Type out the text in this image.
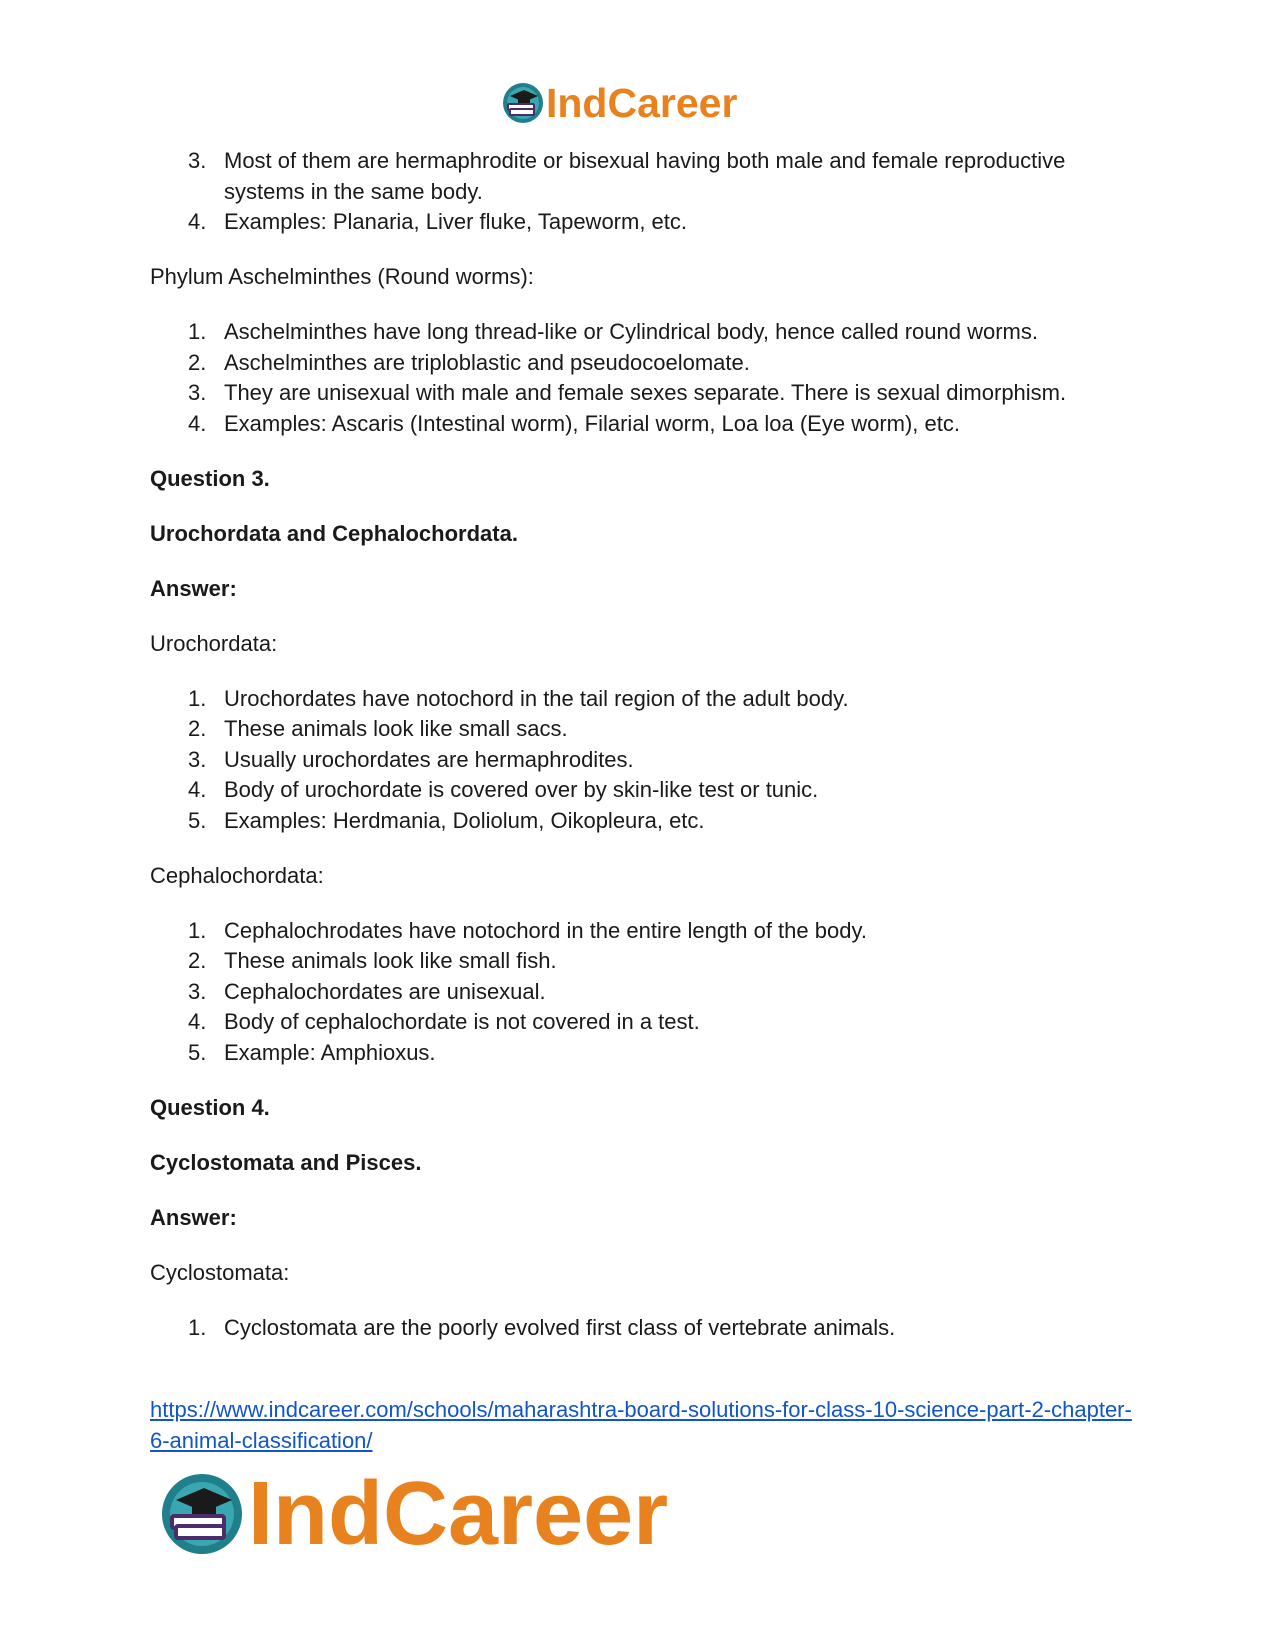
IndCareer
3. Most of them are hermaphrodite or bisexual having both male and female reproductive systems in the same body.
4. Examples: Planaria, Liver fluke, Tapeworm, etc.

Phylum Aschelminthes (Round worms):

1. Aschelminthes have long thread-like or Cylindrical body, hence called round worms.
2. Aschelminthes are triploblastic and pseudocoelomate.
3. They are unisexual with male and female sexes separate. There is sexual dimorphism.
4. Examples: Ascaris (Intestinal worm), Filarial worm, Loa loa (Eye worm), etc.

Question 3.

Urochordata and Cephalochordata.

Answer:

Urochordata:

1. Urochordates have notochord in the tail region of the adult body.
2. These animals look like small sacs.
3. Usually urochordates are hermaphrodites.
4. Body of urochordate is covered over by skin-like test or tunic.
5. Examples: Herdmania, Doliolum, Oikopleura, etc.

Cephalochordata:

1. Cephalochrodates have notochord in the entire length of the body.
2. These animals look like small fish.
3. Cephalochordates are unisexual.
4. Body of cephalochordate is not covered in a test.
5. Example: Amphioxus.

Question 4.

Cyclostomata and Pisces.

Answer:

Cyclostomata:

1. Cyclostomata are the poorly evolved first class of vertebrate animals.
https://www.indcareer.com/schools/maharashtra-board-solutions-for-class-10-science-part-2-chapter-6-animal-classification/
IndCareer
